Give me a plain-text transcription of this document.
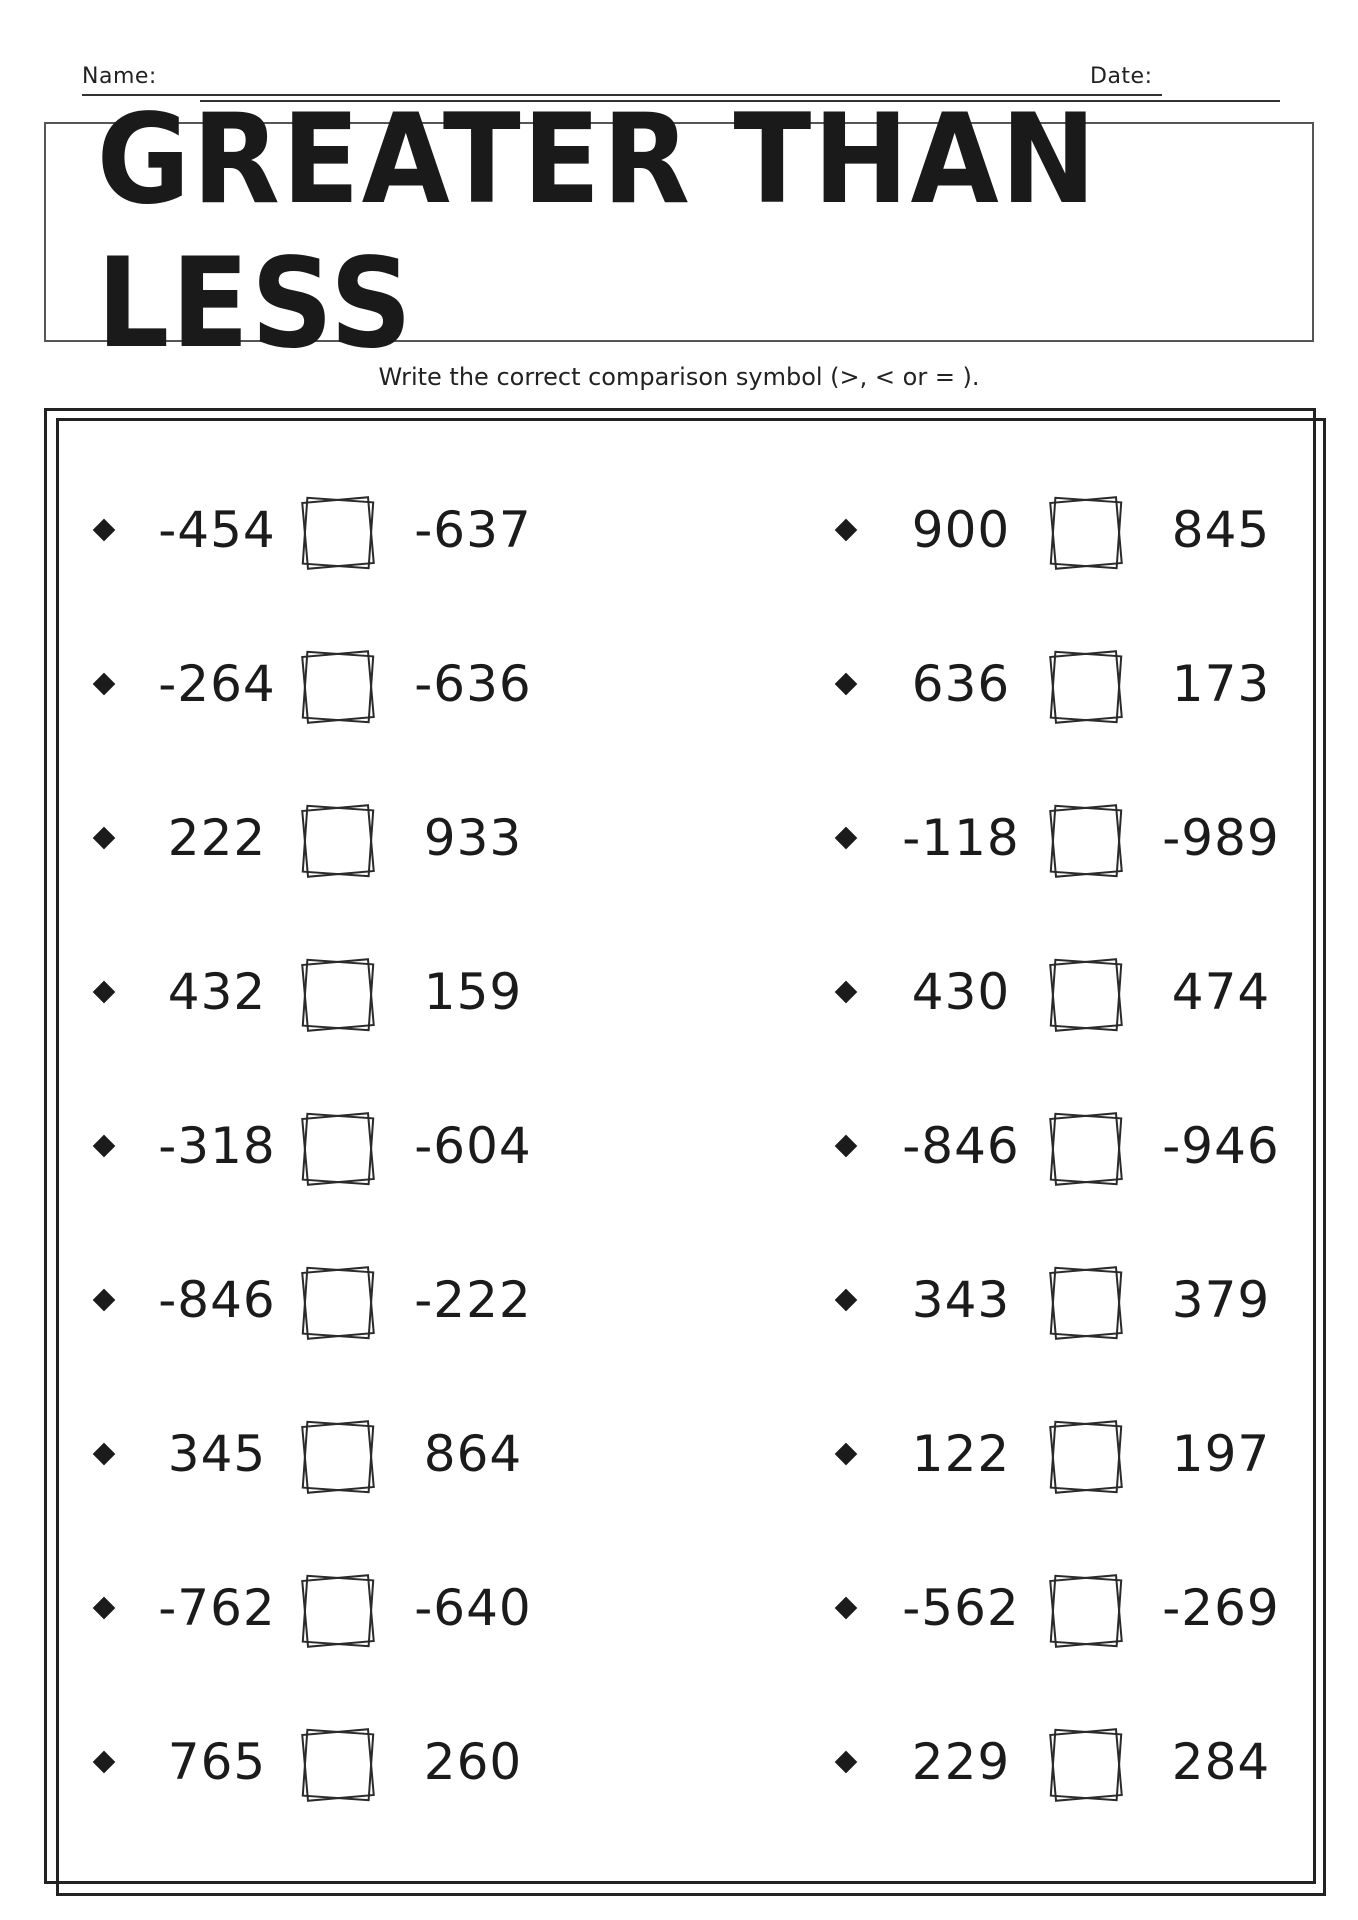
Name:	Date:
GREATER THAN LESS
Write the correct comparison symbol (>, < or = ).
-454	-637
-264	-636
222	933
432	159
-318	-604
-846	-222
345	864
-762	-640
765	260
900	845
636	173
-118	-989
430	474
-846	-946
343	379
122	197
-562	-269
229	284
